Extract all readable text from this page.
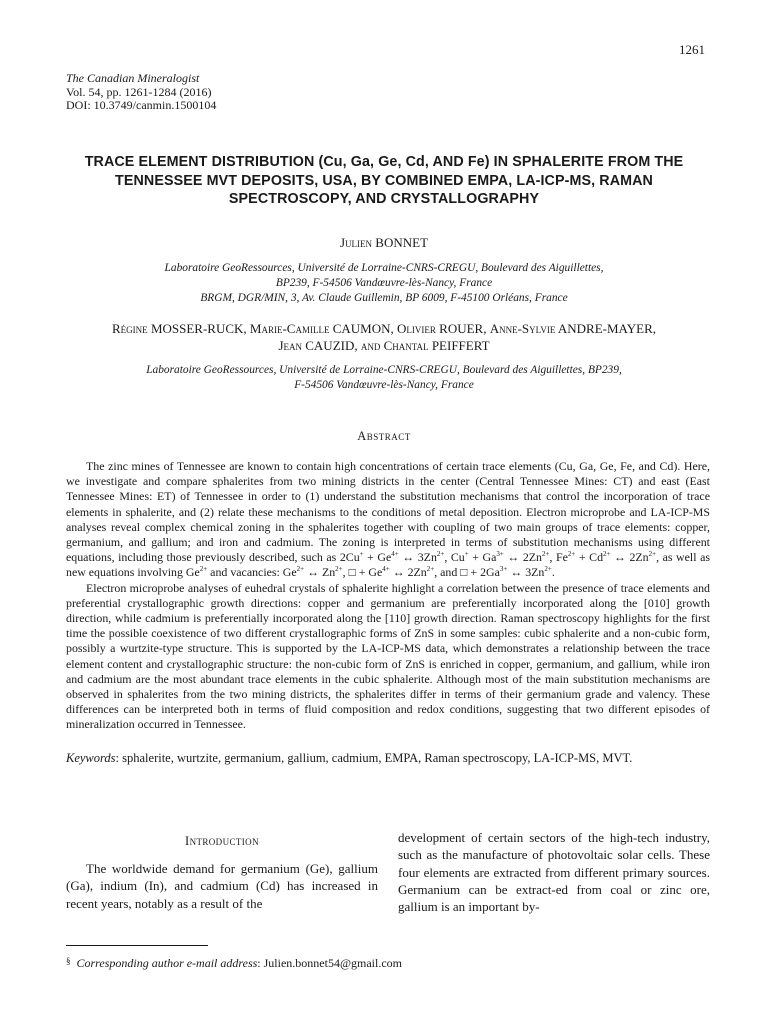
1261
The Canadian Mineralogist
Vol. 54, pp. 1261-1284 (2016)
DOI: 10.3749/canmin.1500104
TRACE ELEMENT DISTRIBUTION (Cu, Ga, Ge, Cd, AND Fe) IN SPHALERITE FROM THE TENNESSEE MVT DEPOSITS, USA, BY COMBINED EMPA, LA-ICP-MS, RAMAN SPECTROSCOPY, AND CRYSTALLOGRAPHY
Julien BONNET
Laboratoire GeoRessources, Université de Lorraine-CNRS-CREGU, Boulevard des Aiguillettes,
BP239, F-54506 Vandœuvre-lès-Nancy, France
BRGM, DGR/MIN, 3, Av. Claude Guillemin, BP 6009, F-45100 Orléans, France
Régine MOSSER-RUCK, Marie-Camille CAUMON, Olivier ROUER, Anne-Sylvie ANDRE-MAYER,
Jean CAUZID, and Chantal PEIFFERT
Laboratoire GeoRessources, Université de Lorraine-CNRS-CREGU, Boulevard des Aiguillettes, BP239,
F-54506 Vandœuvre-lès-Nancy, France
Abstract

The zinc mines of Tennessee are known to contain high concentrations of certain trace elements (Cu, Ga, Ge, Fe, and Cd). Here, we investigate and compare sphalerites from two mining districts in the center (Central Tennessee Mines: CT) and east (East Tennessee Mines: ET) of Tennessee in order to (1) understand the substitution mechanisms that control the incorporation of trace elements in sphalerite, and (2) relate these mechanisms to the conditions of metal deposition. Electron microprobe and LA-ICP-MS analyses reveal complex chemical zoning in the sphalerites together with coupling of two main groups of trace elements: copper, germanium, and gallium; and iron and cadmium. The zoning is interpreted in terms of substitution mechanisms using different equations, including those previously described, such as $2Cu^+ + Ge^{4+}$ ↔ $3Zn^{2+}$, $Cu^+ + Ga^{3+}$ ↔ $2Zn^{2+}$, $Fe^{2+} + Cd^{2+}$ ↔ $2Zn^{2+}$, as well as new equations involving $Ge^{2+}$ and vacancies: $Ge^{2+}$ ↔ $Zn^{2+}$, □ + $Ge^{4+}$ ↔ $2Zn^{2+}$, and □ + $2Ga^{3+}$ ↔ $3Zn^{2+}$.

Electron microprobe analyses of euhedral crystals of sphalerite highlight a correlation between the presence of trace elements and preferential crystallographic growth directions: copper and germanium are preferentially incorporated along the [010] growth direction, while cadmium is preferentially incorporated along the [110] growth direction. Raman spectroscopy highlights for the first time the possible coexistence of two different crystallographic forms of ZnS in some samples: cubic sphalerite and a non-cubic form, possibly a wurtzite-type structure. This is supported by the LA-ICP-MS data, which demonstrates a relationship between the trace element content and crystallographic structure: the non-cubic form of ZnS is enriched in copper, germanium, and gallium, while iron and cadmium are the most abundant trace elements in the cubic sphalerite. Although most of the main substitution mechanisms are observed in sphalerites from the two mining districts, the sphalerites differ in terms of their germanium grade and valency. These differences can be interpreted both in terms of fluid composition and redox conditions, suggesting that two different episodes of mineralization occurred in Tennessee.

Keywords: sphalerite, wurtzite, germanium, gallium, cadmium, EMPA, Raman spectroscopy, LA-ICP-MS, MVT.
Introduction

The worldwide demand for germanium (Ge), gallium (Ga), indium (In), and cadmium (Cd) has increased in recent years, notably as a result of the

development of certain sectors of the high-tech industry, such as the manufacture of photovoltaic solar cells. These four elements are extracted from different primary sources. Germanium can be extract-ed from coal or zinc ore, gallium is an important by-

§ Corresponding author e-mail address: Julien.bonnet54@gmail.com
